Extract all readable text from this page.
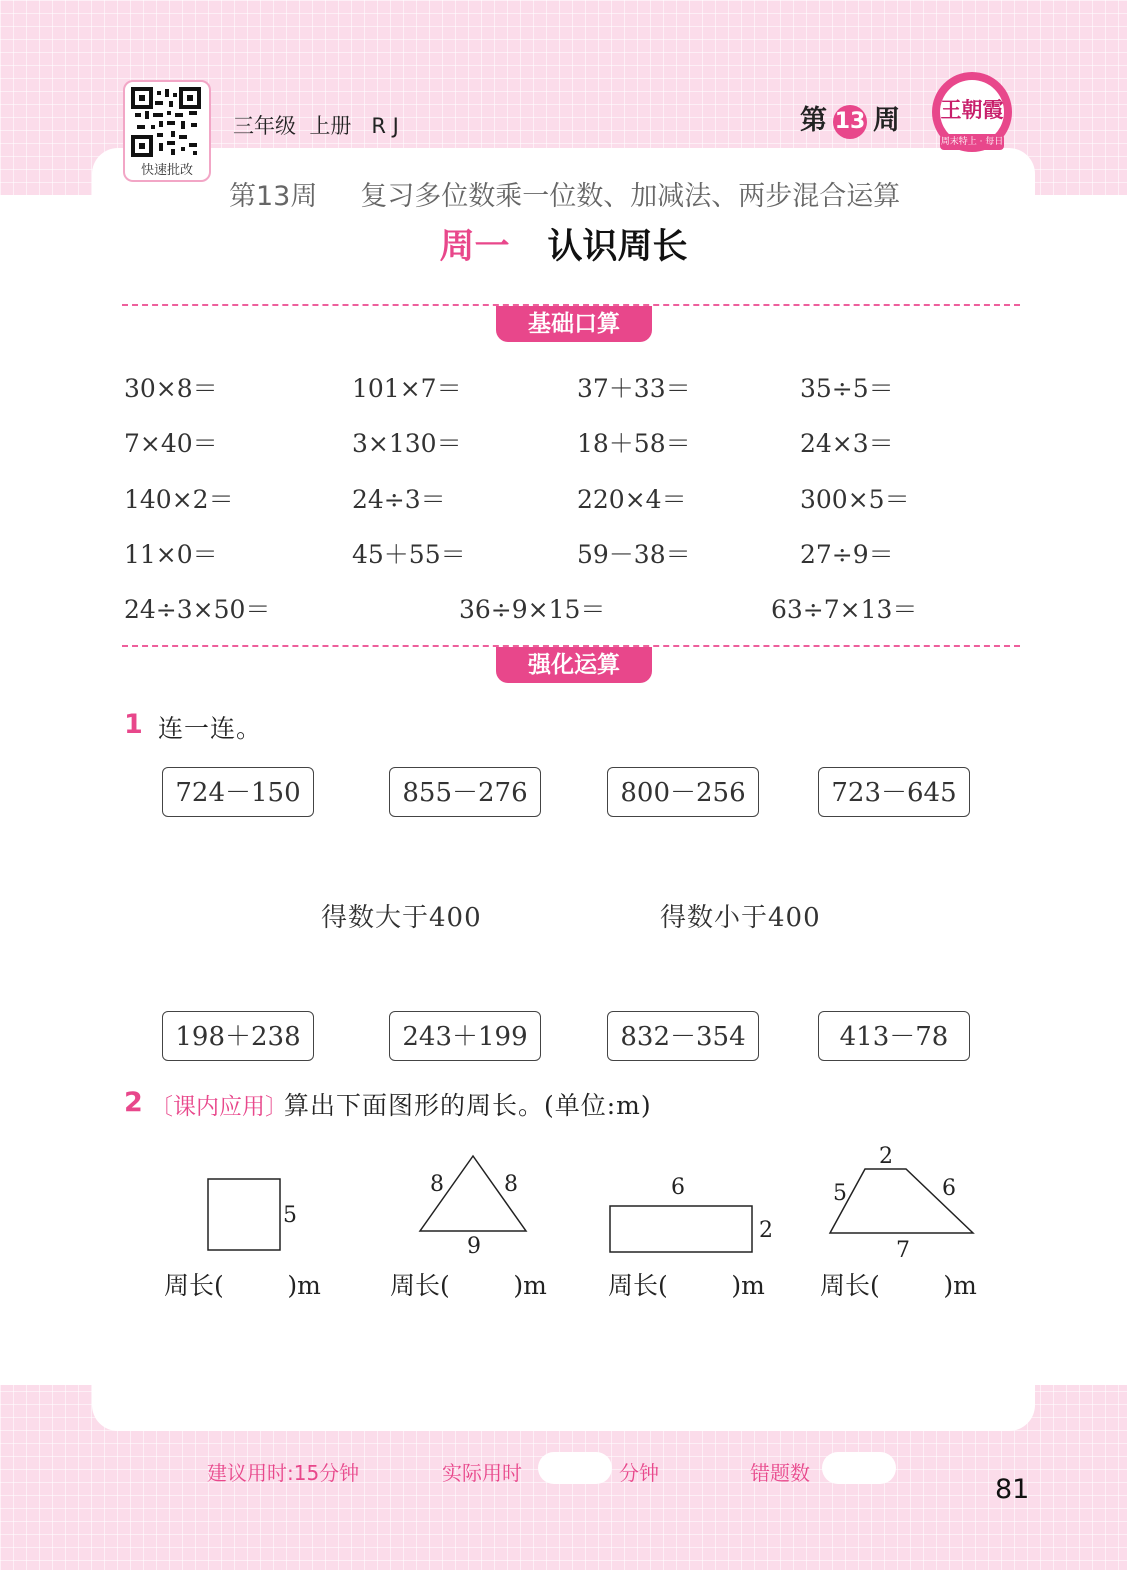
快速批改
三年级  上册   R J	第 13 周 王朝霞
周末特上 · 每日提升
第13周     复习多位数乘一位数、加减法、两步混合运算
周一 认识周长
基础口算
30×8＝	101×7＝	37＋33＝	35÷5＝
7×40＝	3×130＝	18＋58＝	24×3＝
140×2＝	24÷3＝	220×4＝	300×5＝
11×0＝	45＋55＝	59－38＝	27÷9＝
24÷3×50＝	36÷9×15＝	63÷7×13＝
强化运算
1 连一连。
724－150	855－276	800－256	723－645
得数大于400	得数小于400
198＋238	243＋199	832－354	413－78
2 〔课内应用〕
算出下面图形的周长。(单位:m)
5
8	8
9
6
2
2
5	6
7
周长(        )m	周长(        )m 周长(        )m 周长(        )m
建议用时:15分钟	实际用时	分钟	错题数
81
